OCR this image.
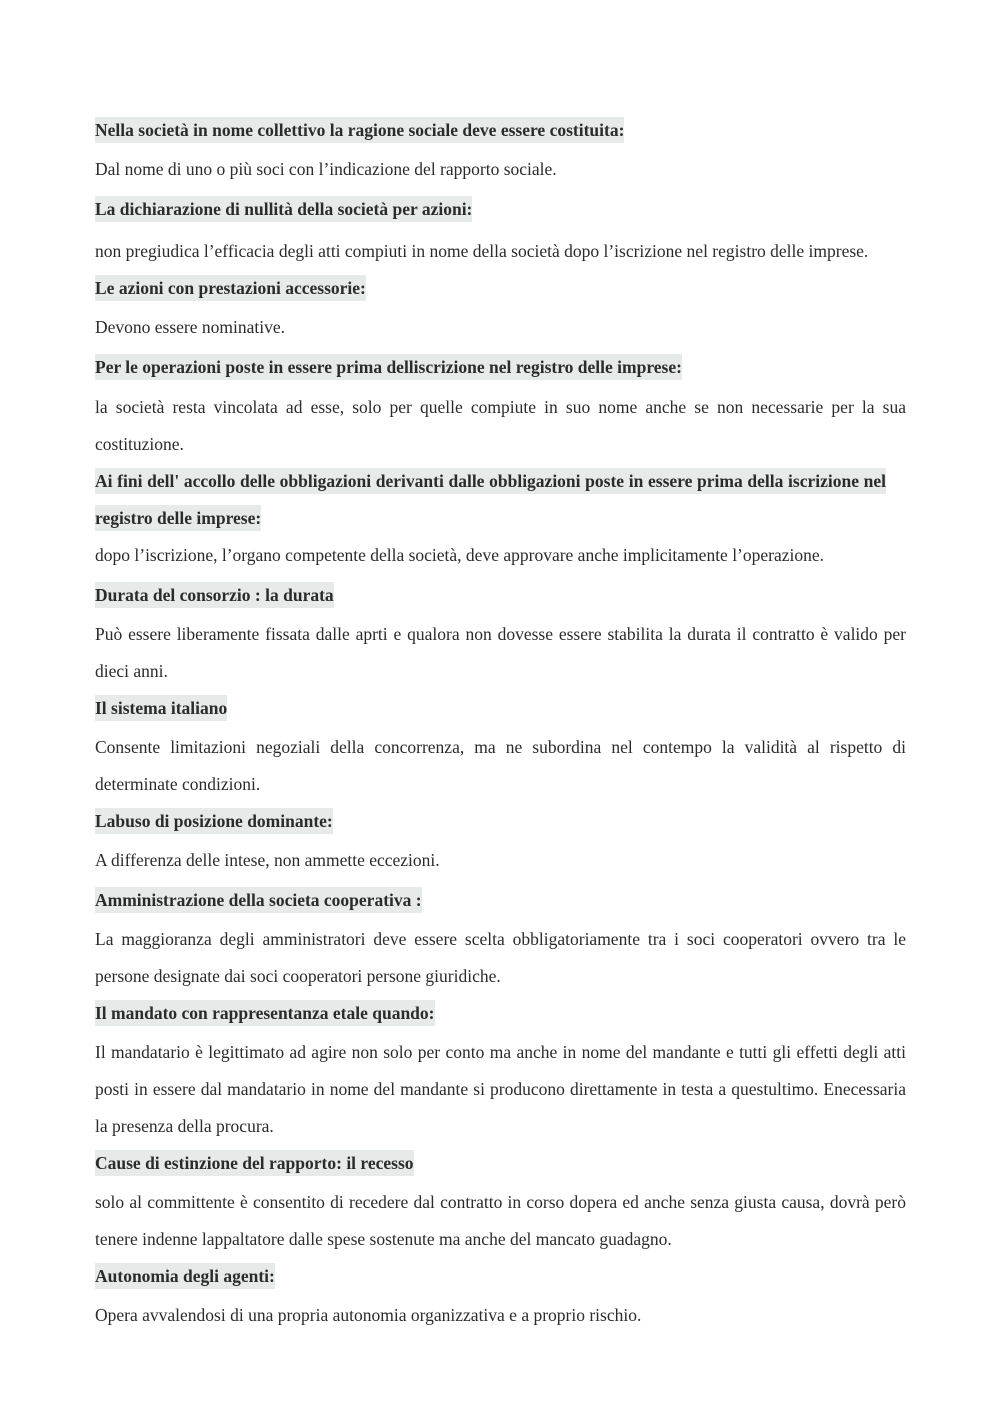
Nella società in nome collettivo la ragione sociale deve essere costituita:

Dal nome di uno o più soci con l’indicazione del rapporto sociale.

La dichiarazione di nullità della società per azioni:

non pregiudica l’efficacia degli atti compiuti in nome della società dopo l’iscrizione nel registro delle imprese.

Le azioni con prestazioni accessorie:

Devono essere nominative.

Per le operazioni poste in essere prima delliscrizione nel registro delle imprese:

la società resta vincolata ad esse, solo per quelle compiute in suo nome anche se non necessarie per la sua costituzione.

Ai fini dell' accollo delle obbligazioni derivanti dalle obbligazioni poste in essere prima della iscrizione nel registro delle imprese:

dopo l’iscrizione, l’organo competente della società, deve approvare anche implicitamente l’operazione.

Durata del consorzio : la durata

Può essere liberamente fissata dalle aprti e qualora non dovesse essere stabilita la durata il contratto è valido per dieci anni.

Il sistema italiano

Consente limitazioni negoziali della concorrenza, ma ne subordina nel contempo la validità al rispetto di determinate condizioni.

Labuso di posizione dominante:

A differenza delle intese, non ammette eccezioni.

Amministrazione della societa cooperativa :

La maggioranza degli amministratori deve essere scelta obbligatoriamente tra i soci cooperatori ovvero tra le persone designate dai soci cooperatori persone giuridiche.

Il mandato con rappresentanza etale quando:

Il mandatario è legittimato ad agire non solo per conto ma anche in nome del mandante e tutti gli effetti degli atti posti in essere dal mandatario in nome del mandante si producono direttamente in testa a questultimo. Enecessaria la presenza della procura.

Cause di estinzione del rapporto: il recesso

solo al committente è consentito di recedere dal contratto in corso dopera ed anche senza giusta causa, dovrà però tenere indenne lappaltatore dalle spese sostenute ma anche del mancato guadagno.

Autonomia degli agenti:

Opera avvalendosi di una propria autonomia organizzativa e a proprio rischio.
